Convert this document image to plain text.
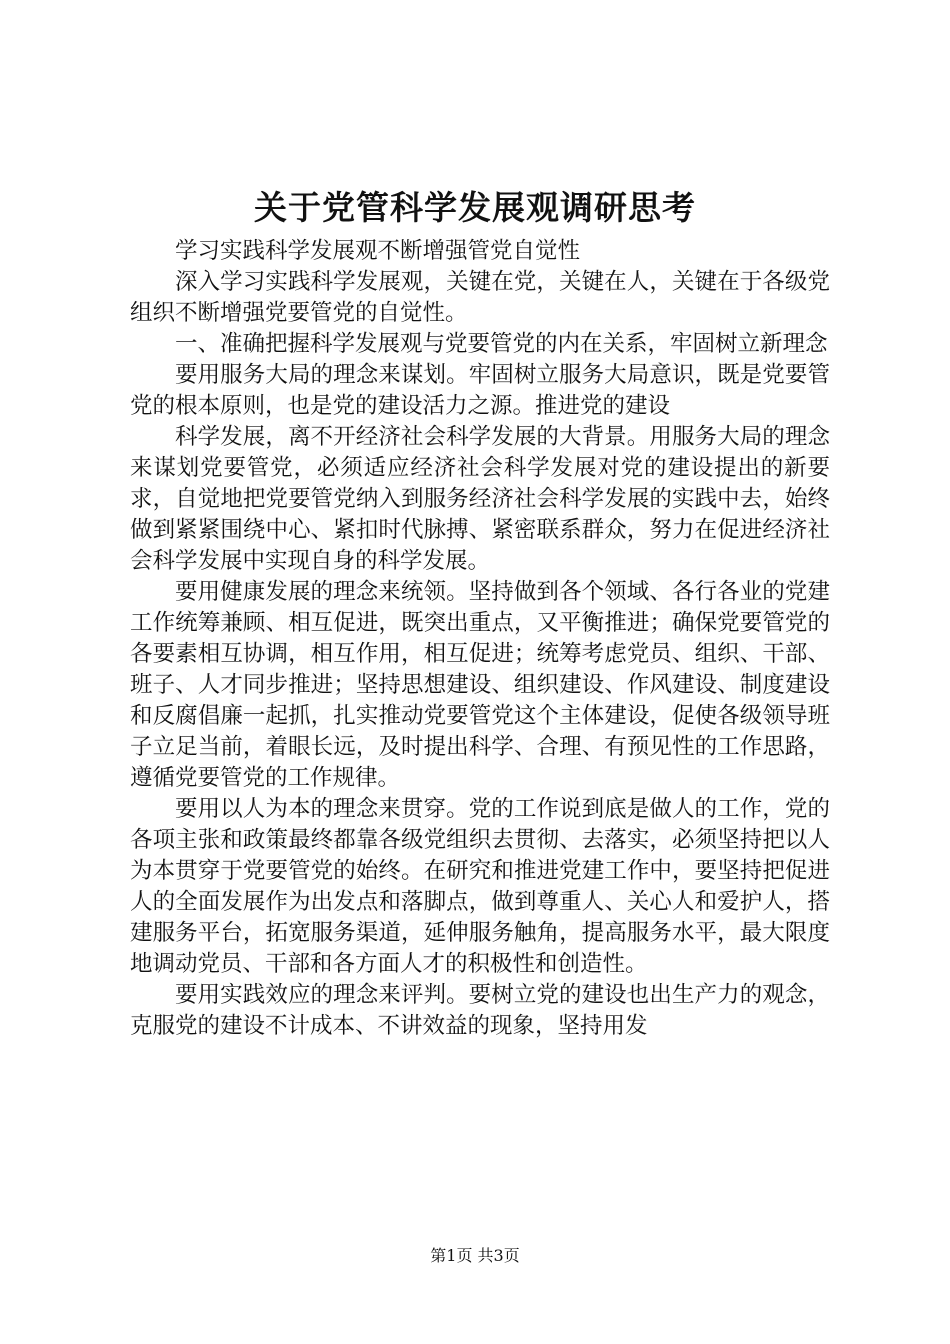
关于党管科学发展观调研思考

学习实践科学发展观不断增强管党自觉性

深入学习实践科学发展观，关键在党，关键在人，关键在于各级党组织不断增强党要管党的自觉性。

一、准确把握科学发展观与党要管党的内在关系，牢固树立新理念

要用服务大局的理念来谋划。牢固树立服务大局意识，既是党要管党的根本原则，也是党的建设活力之源。推进党的建设

科学发展，离不开经济社会科学发展的大背景。用服务大局的理念来谋划党要管党，必须适应经济社会科学发展对党的建设提出的新要求，自觉地把党要管党纳入到服务经济社会科学发展的实践中去，始终做到紧紧围绕中心、紧扣时代脉搏、紧密联系群众，努力在促进经济社会科学发展中实现自身的科学发展。

要用健康发展的理念来统领。坚持做到各个领域、各行各业的党建工作统筹兼顾、相互促进，既突出重点，又平衡推进；确保党要管党的各要素相互协调，相互作用，相互促进；统筹考虑党员、组织、干部、班子、人才同步推进；坚持思想建设、组织建设、作风建设、制度建设和反腐倡廉一起抓，扎实推动党要管党这个主体建设，促使各级领导班子立足当前，着眼长远，及时提出科学、合理、有预见性的工作思路，遵循党要管党的工作规律。

要用以人为本的理念来贯穿。党的工作说到底是做人的工作，党的各项主张和政策最终都靠各级党组织去贯彻、去落实，必须坚持把以人为本贯穿于党要管党的始终。在研究和推进党建工作中，要坚持把促进人的全面发展作为出发点和落脚点，做到尊重人、关心人和爱护人，搭建服务平台，拓宽服务渠道，延伸服务触角，提高服务水平，最大限度地调动党员、干部和各方面人才的积极性和创造性。

要用实践效应的理念来评判。要树立党的建设也出生产力的观念，克服党的建设不计成本、不讲效益的现象，坚持用发

第1页 共3页
